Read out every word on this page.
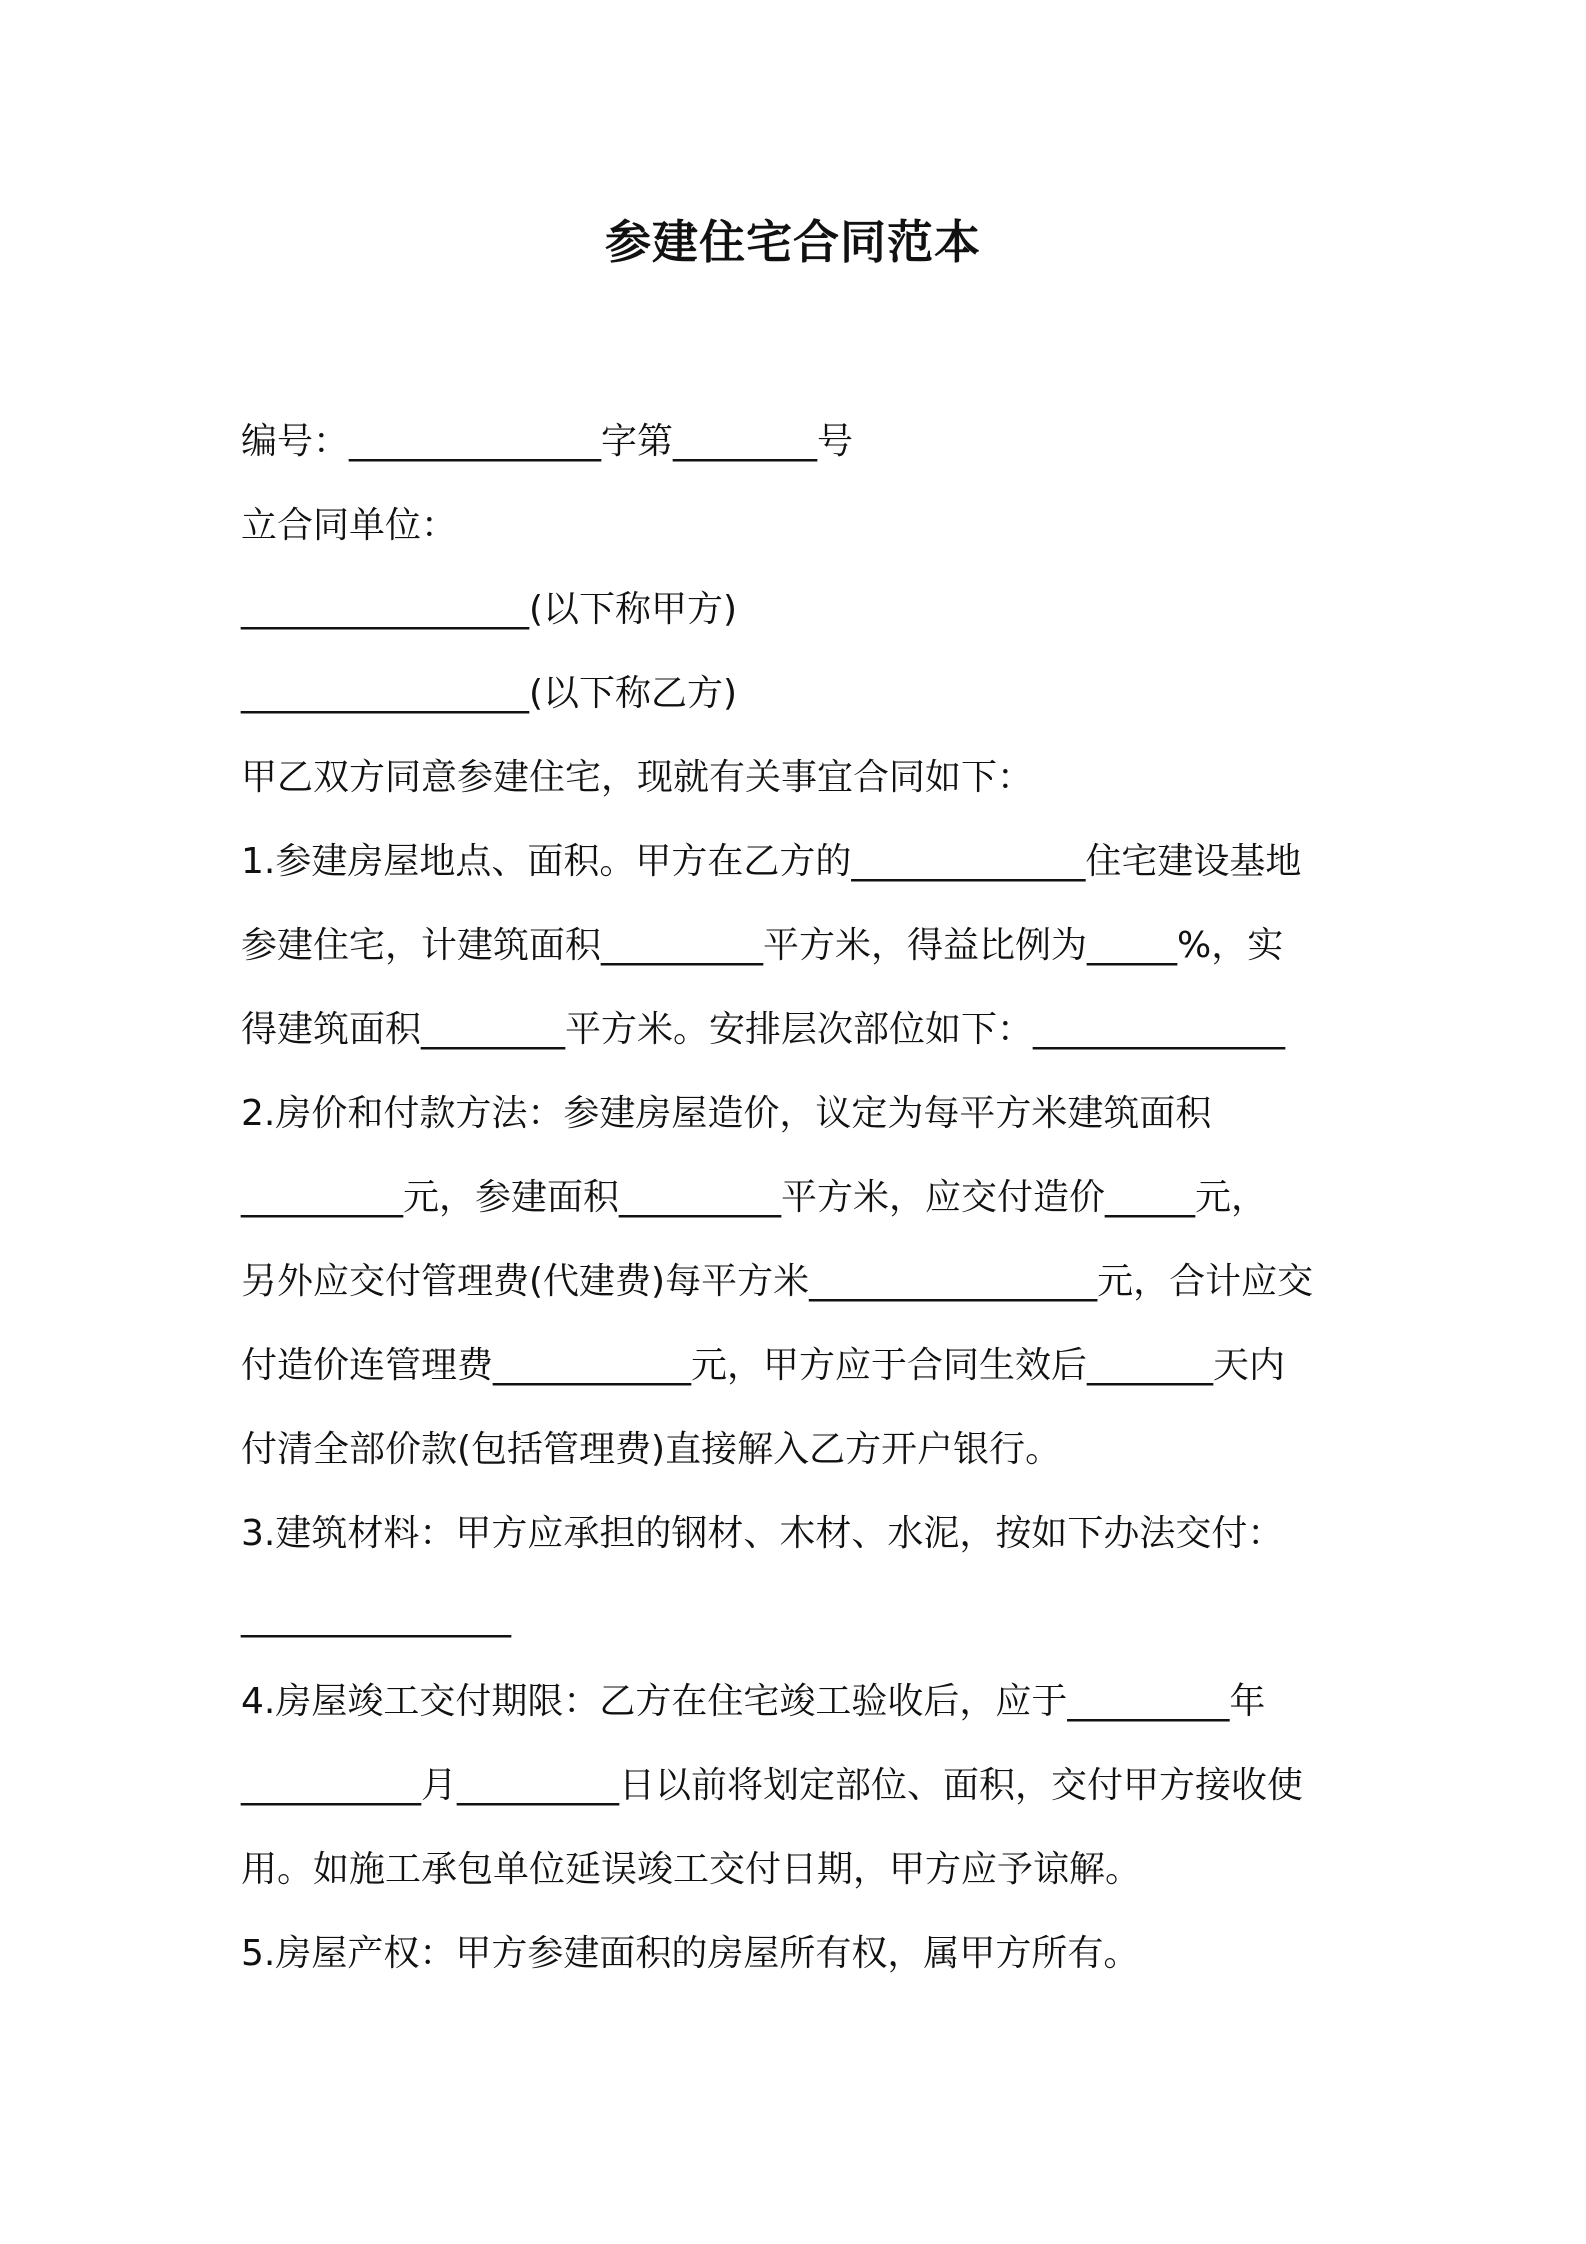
参建住宅合同范本
编号：______________字第________号
立合同单位：
________________(以下称甲方)
________________(以下称乙方)
甲乙双方同意参建住宅，现就有关事宜合同如下：
1.参建房屋地点、面积。甲方在乙方的_____________住宅建设基地
参建住宅，计建筑面积_________平方米，得益比例为_____%，实
得建筑面积________平方米。安排层次部位如下：______________
2.房价和付款方法：参建房屋造价，议定为每平方米建筑面积
_________元，参建面积_________平方米，应交付造价_____元，
另外应交付管理费(代建费)每平方米________________元，合计应交
付造价连管理费___________元，甲方应于合同生效后_______天内
付清全部价款(包括管理费)直接解入乙方开户银行。
3.建筑材料：甲方应承担的钢材、木材、水泥，按如下办法交付：
_______________
4.房屋竣工交付期限：乙方在住宅竣工验收后，应于_________年
__________月_________日以前将划定部位、面积，交付甲方接收使
用。如施工承包单位延误竣工交付日期，甲方应予谅解。
5.房屋产权：甲方参建面积的房屋所有权，属甲方所有。
